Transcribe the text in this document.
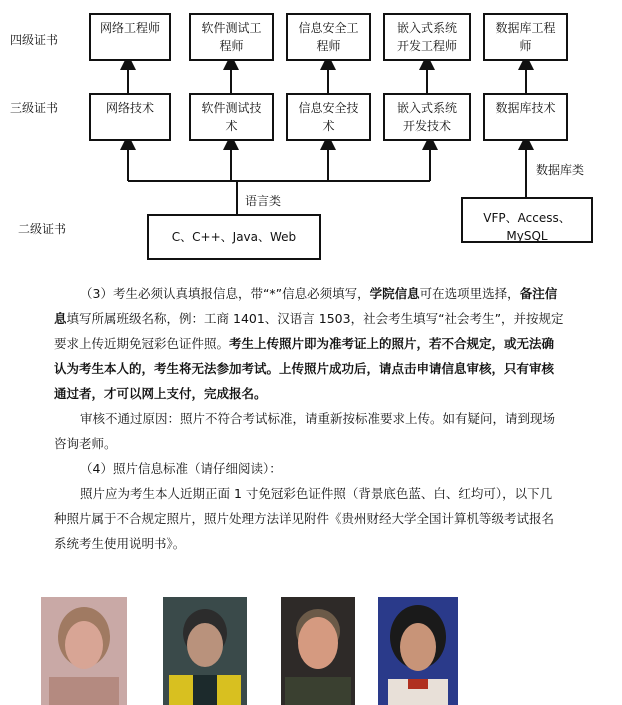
四级证书
三级证书
二级证书
网络工程师	软件测试工
程师
信息安全工
程师
嵌入式系统
开发工程师
数据库工程
师
网络技术	软件测试技
术
信息安全技
术
嵌入式系统
开发技术
数据库技术
语言类
C、C++、Java、Web
数据库类
VFP、Access、MySQL

（3）考生必须认真填报信息，带“*”信息必须填写，学院信息可在选项里选择，备注信息填写所属班级名称，例：工商 1401、汉语言 1503，社会考生填写“社会考生”，并按规定要求上传近期免冠彩色证件照。考生上传照片即为准考证上的照片，若不合规定，或无法确认为考生本人的，考生将无法参加考试。上传照片成功后，请点击申请信息审核，只有审核通过者，才可以网上支付，完成报名。

审核不通过原因：照片不符合考试标准，请重新按标准要求上传。如有疑问，请到现场咨询老师。

（4）照片信息标准（请仔细阅读）：

照片应为考生本人近期正面 1 寸免冠彩色证件照（背景底色蓝、白、红均可），以下几种照片属于不合规定照片，照片处理方法详见附件《贵州财经大学全国计算机等级考试报名系统考生使用说明书》。
